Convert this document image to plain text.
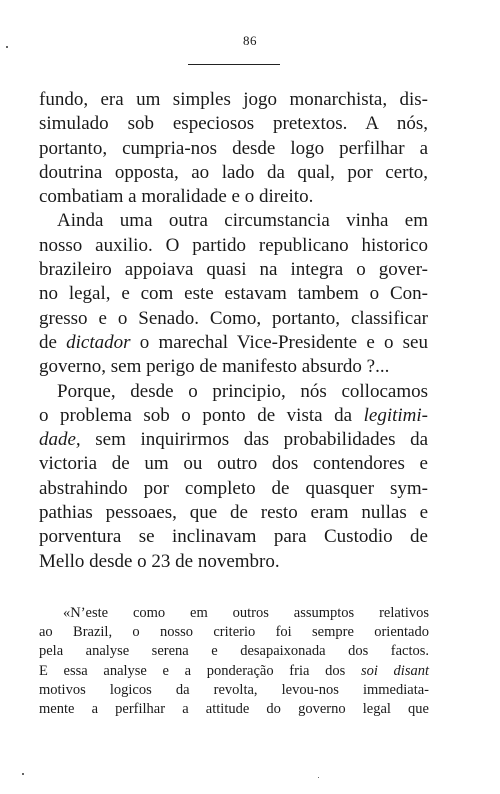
86
fundo, era um simples jogo monarchista, dis-
simulado sob especiosos pretextos. A nós,
portanto, cumpria-nos desde logo perfilhar a
doutrina opposta, ao lado da qual, por certo,
combatiam a moralidade e o direito.
Ainda uma outra circumstancia vinha em
nosso auxilio. O partido republicano historico
brazileiro appoiava quasi na integra o gover-
no legal, e com este estavam tambem o Con-
gresso e o Senado. Como, portanto, classificar
de dictador o marechal Vice-Presidente e o seu
governo, sem perigo de manifesto absurdo ?...
Porque, desde o principio, nós collocamos
o problema sob o ponto de vista da legitimi-
dade, sem inquirirmos das probabilidades da
victoria de um ou outro dos contendores e
abstrahindo por completo de quasquer sym-
pathias pessoaes, que de resto eram nullas e
porventura se inclinavam para Custodio de
Mello desde o 23 de novembro.
«N’este como em outros assumptos relativos
ao Brazil, o nosso criterio foi sempre orientado
pela analyse serena e desapaixonada dos factos.
E essa analyse e a ponderação fria dos soi disant
motivos logicos da revolta, levou-nos immediata-
mente a perfilhar a attitude do governo legal que
